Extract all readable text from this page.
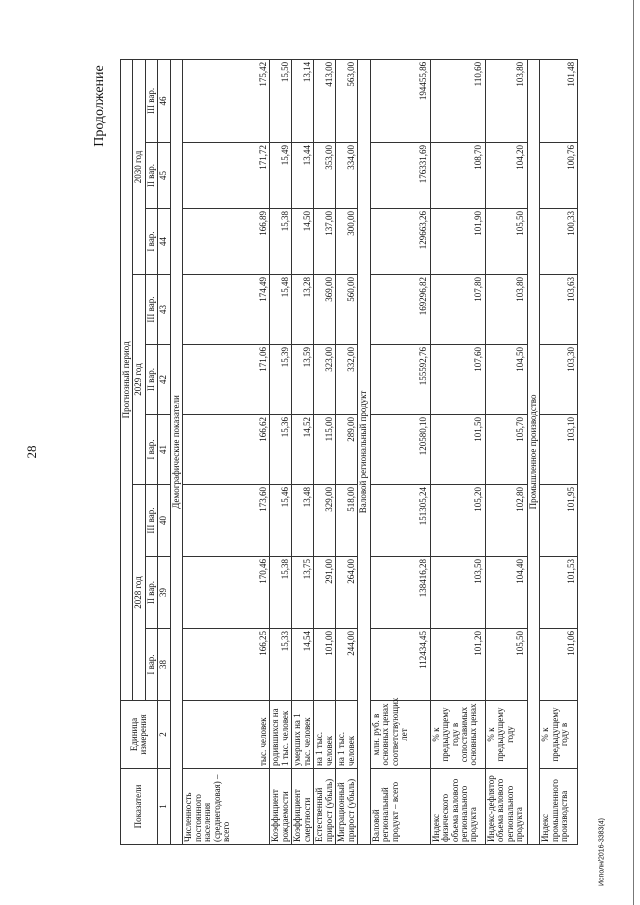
28
Продолжение
Исполн/2016-3383(4)
Показатели	Единица измерения	Прогнозный период								
		2028 год			2029 год			2030 год		
		I вар.	II вар.	III вар.	I вар.	II вар.	III вар.	I вар.	II вар.	III вар.
1	2	38	39	40	41	42	43	44	45	46
Демографические показатели										
Численность постоянного населения (среднегодовая) – всего	тыс. человек	166,25	170,46	173,60	166,62	171,06	174,49	166,89	171,72	175,42
Коэффициент рождаемости	родившихся на 1 тыс. человек	15,33	15,38	15,46	15,36	15,39	15,48	15,38	15,49	15,50
Коэффициент смертности	умерших на 1 тыс. человек	14,54	13,75	13,48	14,52	13,59	13,28	14,50	13,44	13,14
Естественный прирост (убыль)	на 1 тыс. человек	101,00	291,00	329,00	115,00	323,00	369,00	137,00	353,00	413,00
Миграционный прирост (убыль)	на 1 тыс. человек	244,00	264,00	518,00	289,00	332,00	560,00	300,00	334,00	563,00
Валовой региональный продукт										
Валовой региональный продукт – всего	млн. руб. в основных ценах соответствующих лет	112434,45	138416,28	151305,24	120580,10	155592,76	169296,82	129663,26	176331,69	194455,86
Индекс физического объема валового регионального продукта	% к предыдущему году в сопоставимых основных ценах	101,20	103,50	105,20	101,50	107,60	107,80	101,90	108,70	110,60
Индекс-дефлятор объема валового регионального продукта	% к предыдущему году	105,50	104,40	102,80	105,70	104,50	103,80	105,50	104,20	103,80
Промышленное производство										
Индекс промышленного производства	% к предыдущему году в	101,06	101,53	101,95	103,10	103,30	103,63	100,33	100,76	101,48
